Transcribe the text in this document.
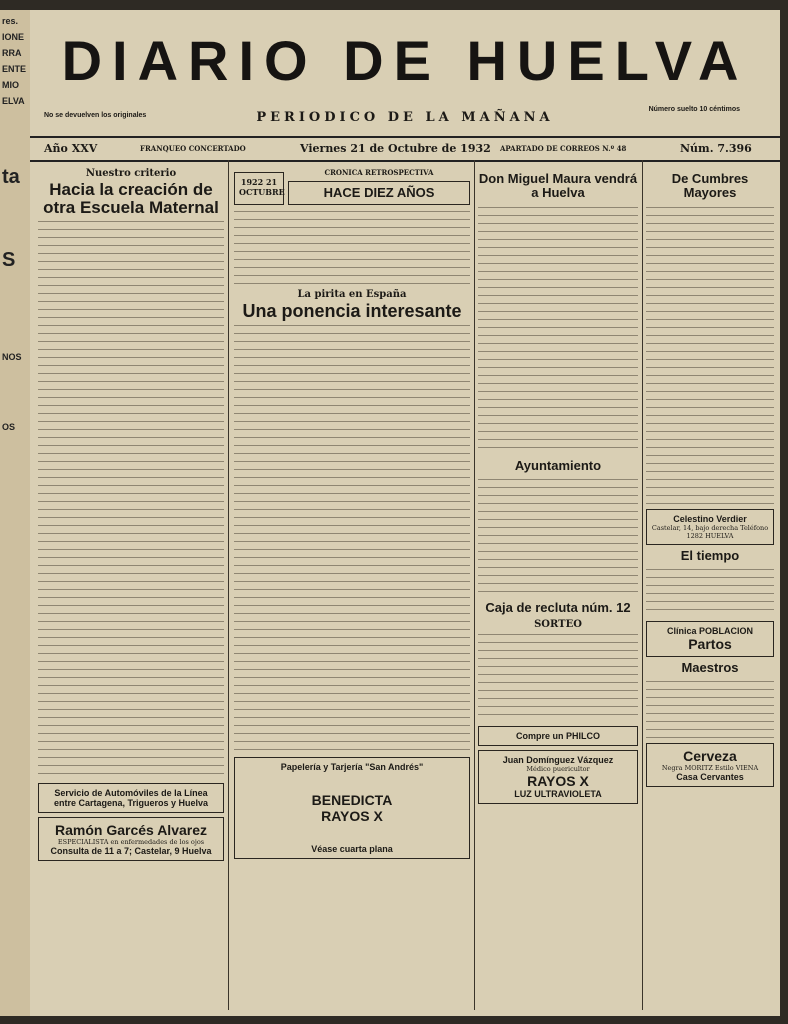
res.
IONE
RRA
ENTE
MIO
ELVA
ta
S
NOS
OS
DIARIO DE HUELVA
PERIODICO DE LA MAÑANA
No se devuelven los originales
Número suelto 10 céntimos
Año XXV	FRANQUEO CONCERTADO	Viernes 21 de Octubre de 1932 APARTADO DE CORREOS N.º 48	Núm. 7.396
Nuestro criterio
Hacia la creación de otra Escuela Maternal
Servicio de Automóviles de la Línea entre Cartagena, Trigueros y Huelva
Ramón Garcés Alvarez
ESPECIALISTA en enfermedades de los ojos
Consulta de 11 a 7; Castelar, 9 Huelva
1922 21 OCTUBRE
CRONICA RETROSPECTIVA
HACE DIEZ AÑOS
La pirita en España
Una ponencia interesante
Papelería y Tarjería "San Andrés"
BENEDICTA
RAYOS X
Véase cuarta plana
Don Miguel Maura vendrá a Huelva
Ayuntamiento
Caja de recluta núm. 12
SORTEO
Compre un PHILCO
Juan Domínguez Vázquez
Médico puericultor
RAYOS X
LUZ ULTRAVIOLETA
De Cumbres Mayores
Celestino Verdier
Castelar, 14, bajo derecha Teléfono 1282 HUELVA
El tiempo
Clínica POBLACION
Partos
Maestros
Cerveza
Negra MORITZ Estilo VIENA
Casa Cervantes
